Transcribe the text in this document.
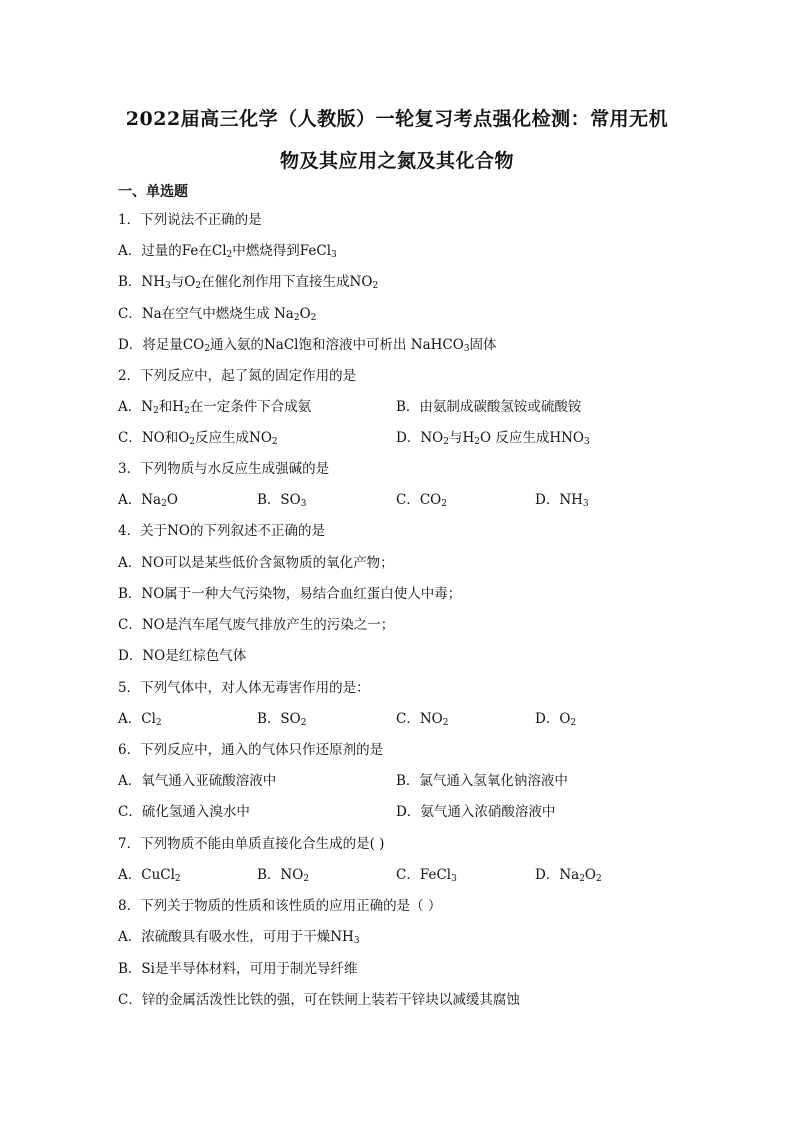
2022届高三化学（人教版）一轮复习考点强化检测：常用无机
物及其应用之氮及其化合物
一、单选题
1．下列说法不正确的是
A．过量的Fe在$Cl_2$中燃烧得到FeCl$_3$
B．$NH_3$与$O_2$在催化剂作用下直接生成$NO_2$
C．Na在空气中燃烧生成 $Na_2O_2$
D．将足量$CO_2$通入氨的NaCl饱和溶液中可析出 NaHCO$_3$固体
2．下列反应中，起了氮的固定作用的是
A．$N_2$和$H_2$在一定条件下合成氨	B．由氨制成碳酸氢铵或硫酸铵
C．NO和$O_2$反应生成$NO_2$	D．$NO_2$与$H_2O$ 反应生成$HNO_3$
3．下列物质与水反应生成强碱的是
A．$Na_2O$	B．$SO_3$	C．$CO_2$	D．$NH_3$
4．关于NO的下列叙述不正确的是
A．NO可以是某些低价含氮物质的氧化产物；
B．NO属于一种大气污染物，易结合血红蛋白使人中毒；
C．NO是汽车尾气废气排放产生的污染之一；
D．NO是红棕色气体
5．下列气体中，对人体无毒害作用的是：
A．$Cl_2$	B．$SO_2$	C．$NO_2$	D．$O_2$
6．下列反应中，通入的气体只作还原剂的是
A．氧气通入亚硫酸溶液中	B．氯气通入氢氧化钠溶液中
C．硫化氢通入溴水中	D．氨气通入浓硝酸溶液中
7．下列物质不能由单质直接化合生成的是( )
A．CuCl$_2$	B．$NO_2$	C．FeCl$_3$	D．$Na_2O_2$
8．下列关于物质的性质和该性质的应用正确的是（ ）
A．浓硫酸具有吸水性，可用于干燥$NH_3$
B．Si是半导体材料，可用于制光导纤维
C．锌的金属活泼性比铁的强，可在铁闸上装若干锌块以减缓其腐蚀
